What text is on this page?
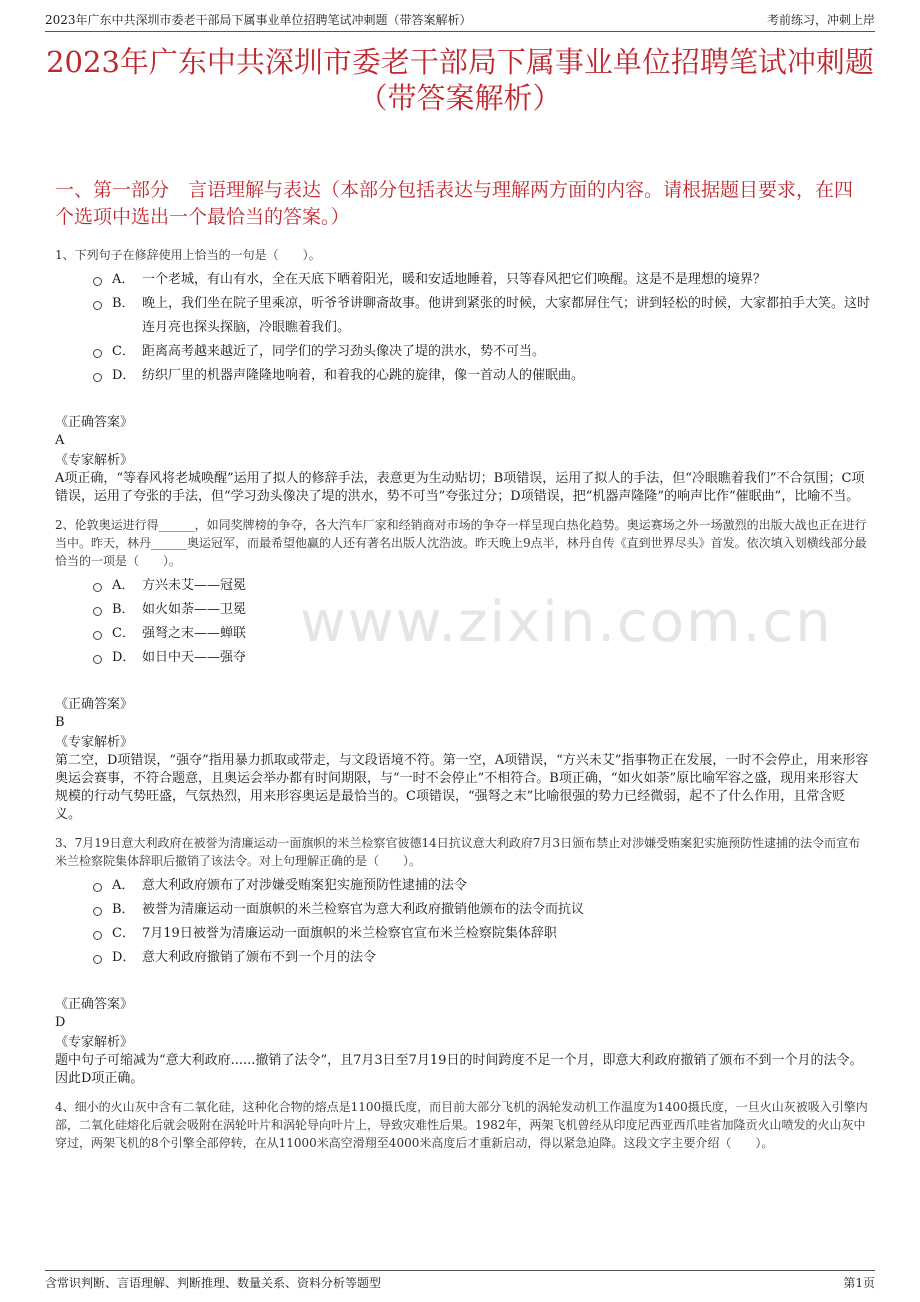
2023年广东中共深圳市委老干部局下属事业单位招聘笔试冲刺题（带答案解析）	考前练习，冲刺上岸
2023年广东中共深圳市委老干部局下属事业单位招聘笔试冲刺题（带答案解析）
一、第一部分　言语理解与表达（本部分包括表达与理解两方面的内容。请根据题目要求，在四个选项中选出一个最恰当的答案。）
www.zixin.com.cn
1、下列句子在修辞使用上恰当的一句是（　　）。
A． 一个老城，有山有水，全在天底下晒着阳光，暖和安适地睡着，只等春风把它们唤醒。这是不是理想的境界？
B． 晚上，我们坐在院子里乘凉，听爷爷讲聊斋故事。他讲到紧张的时候，大家都屏住气；讲到轻松的时候，大家都拍手大笑。这时连月亮也探头探脑，冷眼瞧着我们。
C． 距离高考越来越近了，同学们的学习劲头像决了堤的洪水，势不可当。
D． 纺织厂里的机器声隆隆地响着，和着我的心跳的旋律，像一首动人的催眠曲。
《正确答案》
A
《专家解析》
A项正确，“等春风将老城唤醒”运用了拟人的修辞手法，表意更为生动贴切；B项错误，运用了拟人的手法，但“冷眼瞧着我们”不合氛围；C项错误，运用了夸张的手法，但“学习劲头像决了堤的洪水，势不可当”夸张过分；D项错误，把“机器声隆隆”的响声比作“催眠曲”，比喻不当。
2、伦敦奥运进行得______，如同奖牌榜的争夺，各大汽车厂家和经销商对市场的争夺一样呈现白热化趋势。奥运赛场之外一场激烈的出版大战也正在进行当中。昨天，林丹______奥运冠军，而最希望他赢的人还有著名出版人沈浩波。昨天晚上9点半，林丹自传《直到世界尽头》首发。依次填入划横线部分最恰当的一项是（　　）。
A． 方兴未艾——冠冕
B． 如火如荼——卫冕
C． 强弩之末——蝉联
D． 如日中天——强夺
《正确答案》
B
《专家解析》
第二空，D项错误，“强夺”指用暴力抓取或带走，与文段语境不符。第一空，A项错误，“方兴未艾”指事物正在发展，一时不会停止，用来形容奥运会赛事，不符合题意，且奥运会举办都有时间期限，与“一时不会停止”不相符合。B项正确，“如火如荼”原比喻军容之盛，现用来形容大规模的行动气势旺盛，气氛热烈，用来形容奥运是最恰当的。C项错误，“强弩之末”比喻很强的势力已经微弱，起不了什么作用，且常含贬义。
3、7月19日意大利政府在被誉为清廉运动一面旗帜的米兰检察官彼德14日抗议意大利政府7月3日颁布禁止对涉嫌受贿案犯实施预防性逮捕的法令而宣布米兰检察院集体辞职后撤销了该法令。对上句理解正确的是（　　）。
A． 意大利政府颁布了对涉嫌受贿案犯实施预防性逮捕的法令
B． 被誉为清廉运动一面旗帜的米兰检察官为意大利政府撤销他颁布的法令而抗议
C． 7月19日被誉为清廉运动一面旗帜的米兰检察官宣布米兰检察院集体辞职
D． 意大利政府撤销了颁布不到一个月的法令
《正确答案》
D
《专家解析》
题中句子可缩减为“意大利政府......撤销了法令”，且7月3日至7月19日的时间跨度不足一个月，即意大利政府撤销了颁布不到一个月的法令。因此D项正确。
4、细小的火山灰中含有二氧化硅，这种化合物的熔点是1100摄氏度，而目前大部分飞机的涡轮发动机工作温度为1400摄氏度，一旦火山灰被吸入引擎内部，二氧化硅熔化后就会吸附在涡轮叶片和涡轮导向叶片上，导致灾难性后果。1982年，两架飞机曾经从印度尼西亚西爪哇省加隆贡火山喷发的火山灰中穿过，两架飞机的8个引擎全部停转，在从11000米高空滑翔至4000米高度后才重新启动，得以紧急迫降。这段文字主要介绍（　　）。
含常识判断、言语理解、判断推理、数量关系、资料分析等题型	第1页
